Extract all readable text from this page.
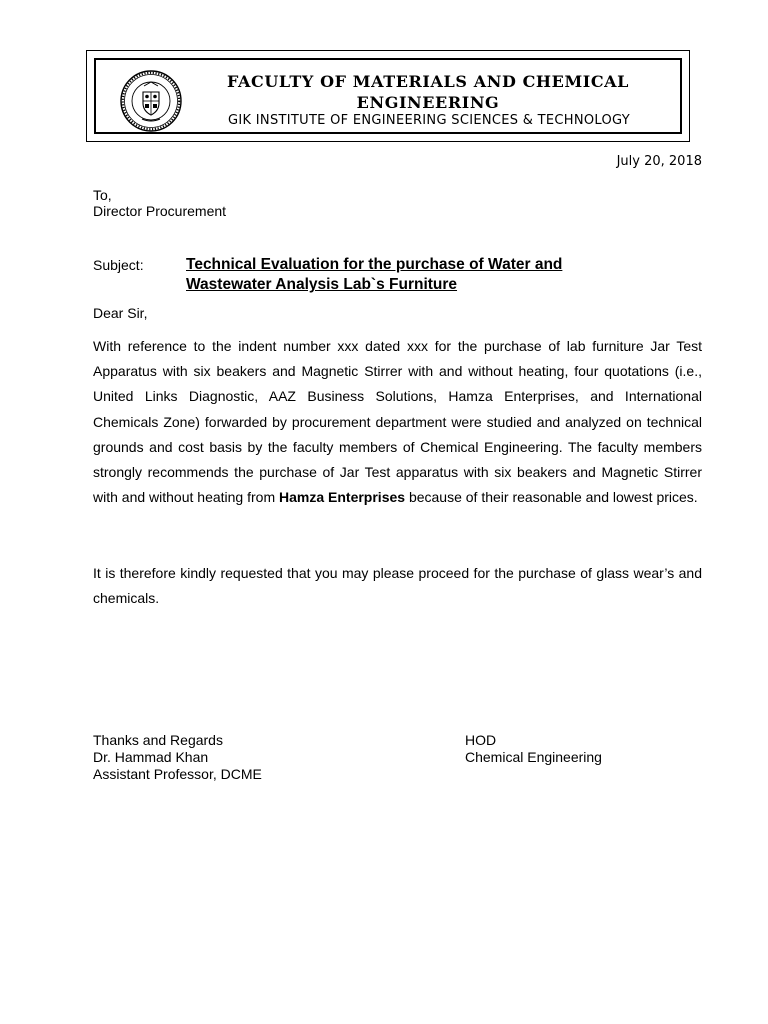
FACULTY OF MATERIALS AND CHEMICAL
ENGINEERING
GIK INSTITUTE OF ENGINEERING SCIENCES & TECHNOLOGY
July 20, 2018
To,
Director Procurement
Subject:	Technical Evaluation for the purchase of Water and
Wastewater Analysis Lab`s Furniture
Dear Sir,

With reference to the indent number xxx dated xxx for the purchase of lab furniture Jar Test Apparatus with six beakers and Magnetic Stirrer with and without heating, four quotations (i.e., United Links Diagnostic, AAZ Business Solutions, Hamza Enterprises, and International Chemicals Zone) forwarded by procurement department were studied and analyzed on technical grounds and cost basis by the faculty members of Chemical Engineering. The faculty members strongly recommends the purchase of Jar Test apparatus with six beakers and Magnetic Stirrer with and without heating from Hamza Enterprises because of their reasonable and lowest prices.

It is therefore kindly requested that you may please proceed for the purchase of glass wear’s and chemicals.

Thanks and Regards
Dr. Hammad Khan
Assistant Professor, DCME
HOD
Chemical Engineering
